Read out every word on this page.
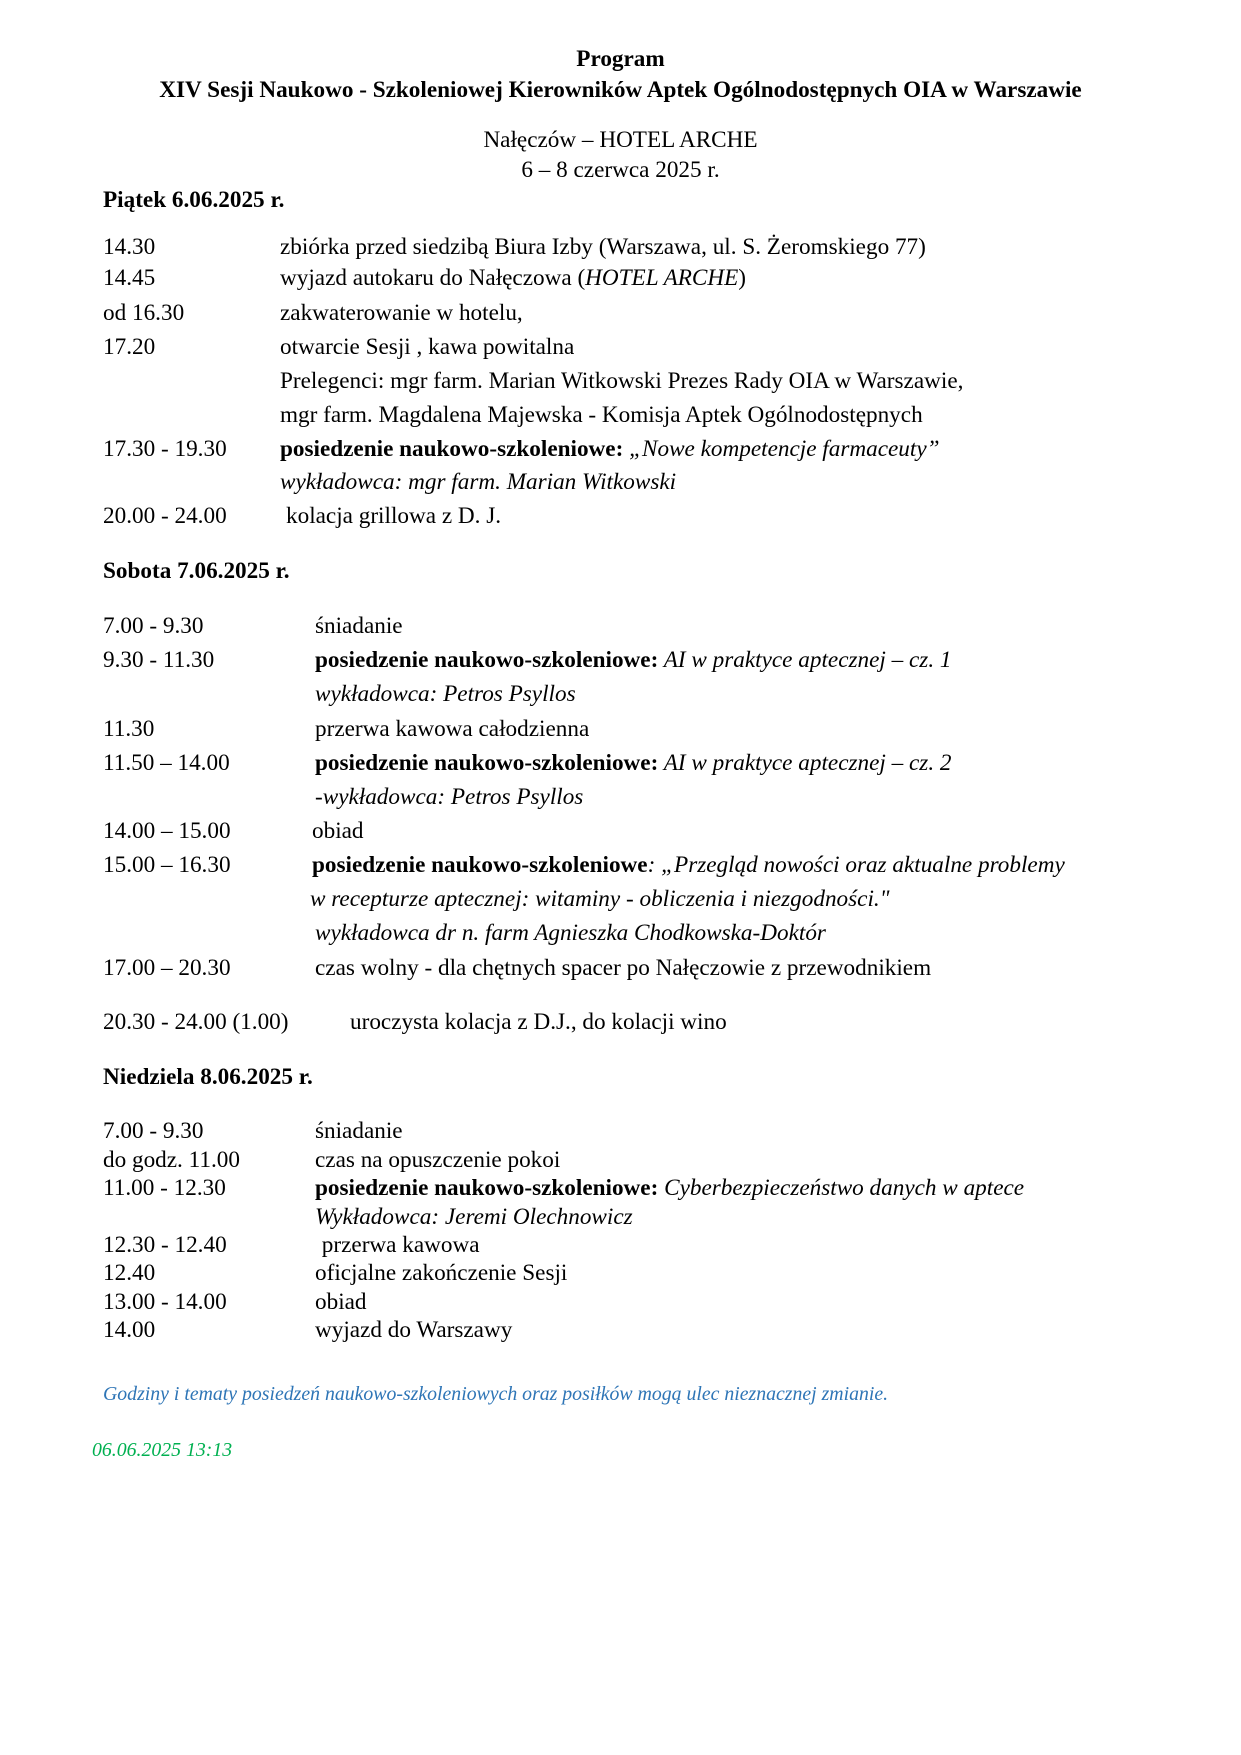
Program
XIV Sesji Naukowo - Szkoleniowej Kierowników Aptek Ogólnodostępnych OIA w Warszawie
Nałęczów – HOTEL ARCHE
6 – 8 czerwca 2025 r.
Piątek 6.06.2025 r.
14.30	zbiórka przed siedzibą Biura Izby (Warszawa, ul. S. Żeromskiego 77)
14.45	wyjazd autokaru do Nałęczowa (HOTEL ARCHE)
od 16.30	zakwaterowanie w hotelu,
17.20	otwarcie Sesji , kawa powitalna
Prelegenci: mgr farm. Marian Witkowski Prezes Rady OIA w Warszawie,
mgr farm. Magdalena Majewska - Komisja Aptek Ogólnodostępnych
17.30 - 19.30 posiedzenie naukowo-szkoleniowe: „Nowe kompetencje farmaceuty”
wykładowca: mgr farm. Marian Witkowski
20.00 - 24.00	kolacja grillowa z D. J.
Sobota 7.06.2025 r.
7.00 - 9.30	śniadanie
9.30 - 11.30	posiedzenie naukowo-szkoleniowe: AI w praktyce aptecznej – cz. 1
wykładowca: Petros Psyllos
11.30	przerwa kawowa całodzienna
11.50 – 14.00	posiedzenie naukowo-szkoleniowe: AI w praktyce aptecznej – cz. 2
-wykładowca: Petros Psyllos
14.00 – 15.00	obiad
15.00 – 16.30	posiedzenie naukowo-szkoleniowe: „Przegląd nowości oraz aktualne problemy
w recepturze aptecznej: witaminy - obliczenia i niezgodności."
wykładowca dr n. farm Agnieszka Chodkowska-Doktór
17.00 – 20.30	czas wolny - dla chętnych spacer po Nałęczowie z przewodnikiem
20.30 - 24.00 (1.00)	uroczysta kolacja z D.J., do kolacji wino
Niedziela 8.06.2025 r.
7.00 - 9.30	śniadanie
do godz. 11.00	czas na opuszczenie pokoi
11.00 - 12.30	posiedzenie naukowo-szkoleniowe: Cyberbezpieczeństwo danych w aptece
Wykładowca: Jeremi Olechnowicz
12.30 - 12.40	przerwa kawowa
12.40	oficjalne zakończenie Sesji
13.00 - 14.00	obiad
14.00	wyjazd do Warszawy
Godziny i tematy posiedzeń naukowo-szkoleniowych oraz posiłków mogą ulec nieznacznej zmianie.
06.06.2025 13:13
